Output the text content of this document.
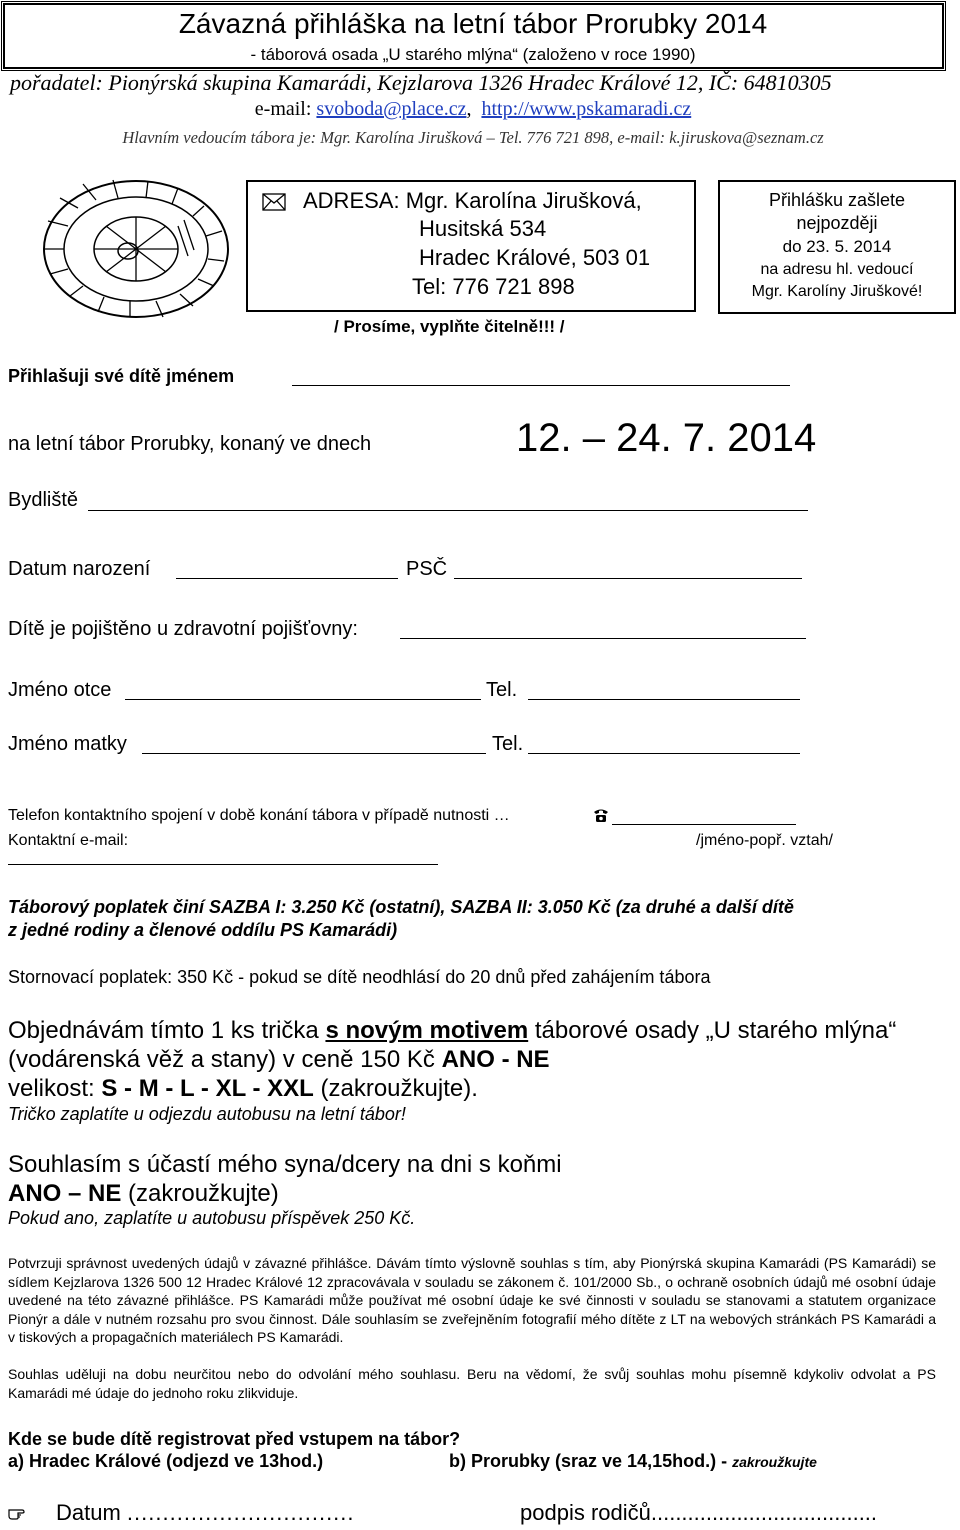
Závazná přihláška na letní tábor Prorubky 2014
- táborová osada „U starého mlýna“ (založeno v roce 1990)
pořadatel: Pionýrská skupina Kamarádi, Kejzlarova 1326 Hradec Králové 12, IČ: 64810305
e-mail: svoboda@place.cz,  http://www.pskamaradi.cz
Hlavním vedoucím tábora je: Mgr. Karolína Jirušková – Tel. 776 721 898, e-mail: k.jiruskova@seznam.cz
ADRESA: Mgr. Karolína Jirušková,
Husitská 534
Hradec Králové, 503 01
Tel: 776 721 898
Přihlášku zašlete
nejpozději
do 23. 5. 2014
na adresu hl. vedoucí
Mgr. Karolíny Jiruškové!
/ Prosíme, vyplňte čitelně!!! /
Přihlašuji své dítě jménem
na letní tábor Prorubky, konaný ve dnech	12. – 24. 7. 2014
Bydliště
Datum narození	PSČ
Dítě je pojištěno u zdravotní pojišťovny:
Jméno otce	Tel.
Jméno matky	Tel.
Telefon kontaktního spojení v době konání tábora v případě nutnosti …
Kontaktní e-mail:	/jméno-popř. vztah/
Táborový poplatek činí SAZBA I: 3.250 Kč (ostatní), SAZBA II: 3.050 Kč (za druhé a další dítě
z jedné rodiny a členové oddílu PS Kamarádi)
Stornovací poplatek: 350 Kč - pokud se dítě neodhlásí do 20 dnů před zahájením tábora
Objednávám tímto 1 ks trička s novým motivem táborové osady „U starého mlýna“
(vodárenská věž a stany) v ceně 150 Kč ANO - NE
velikost: S - M - L - XL - XXL (zakroužkujte).
Tričko zaplatíte u odjezdu autobusu na letní tábor!
Souhlasím s účastí mého syna/dcery na dni s koňmi
ANO – NE (zakroužkujte)
Pokud ano, zaplatíte u autobusu příspěvek 250 Kč.
Potvrzuji správnost uvedených údajů v závazné přihlášce. Dávám tímto výslovně souhlas s tím, aby Pionýrská skupina Kamarádi (PS Kamarádi) se sídlem Kejzlarova 1326 500 12 Hradec Králové 12 zpracovávala v souladu se zákonem č. 101/2000 Sb., o ochraně osobních údajů mé osobní údaje uvedené na této závazné přihlášce. PS Kamarádi může používat mé osobní údaje ke své činnosti v souladu se stanovami a statutem organizace Pionýr a dále v nutném rozsahu pro svou činnost. Dále souhlasím se zveřejněním fotografií mého dítěte z LT na webových stránkách PS Kamarádi a v tiskových a propagačních materiálech PS Kamarádi.
Souhlas uděluji na dobu neurčitou nebo do odvolání mého souhlasu. Beru na vědomí, že svůj souhlas mohu písemně kdykoliv odvolat a PS Kamarádi mé údaje do jednoho roku zlikviduje.
Kde se bude dítě registrovat před vstupem na tábor?
a) Hradec Králové (odjezd ve 13hod.)	b) Prorubky (sraz ve 14,15hod.) - zakroužkujte
Datum ................................	podpis rodičů.....................................
